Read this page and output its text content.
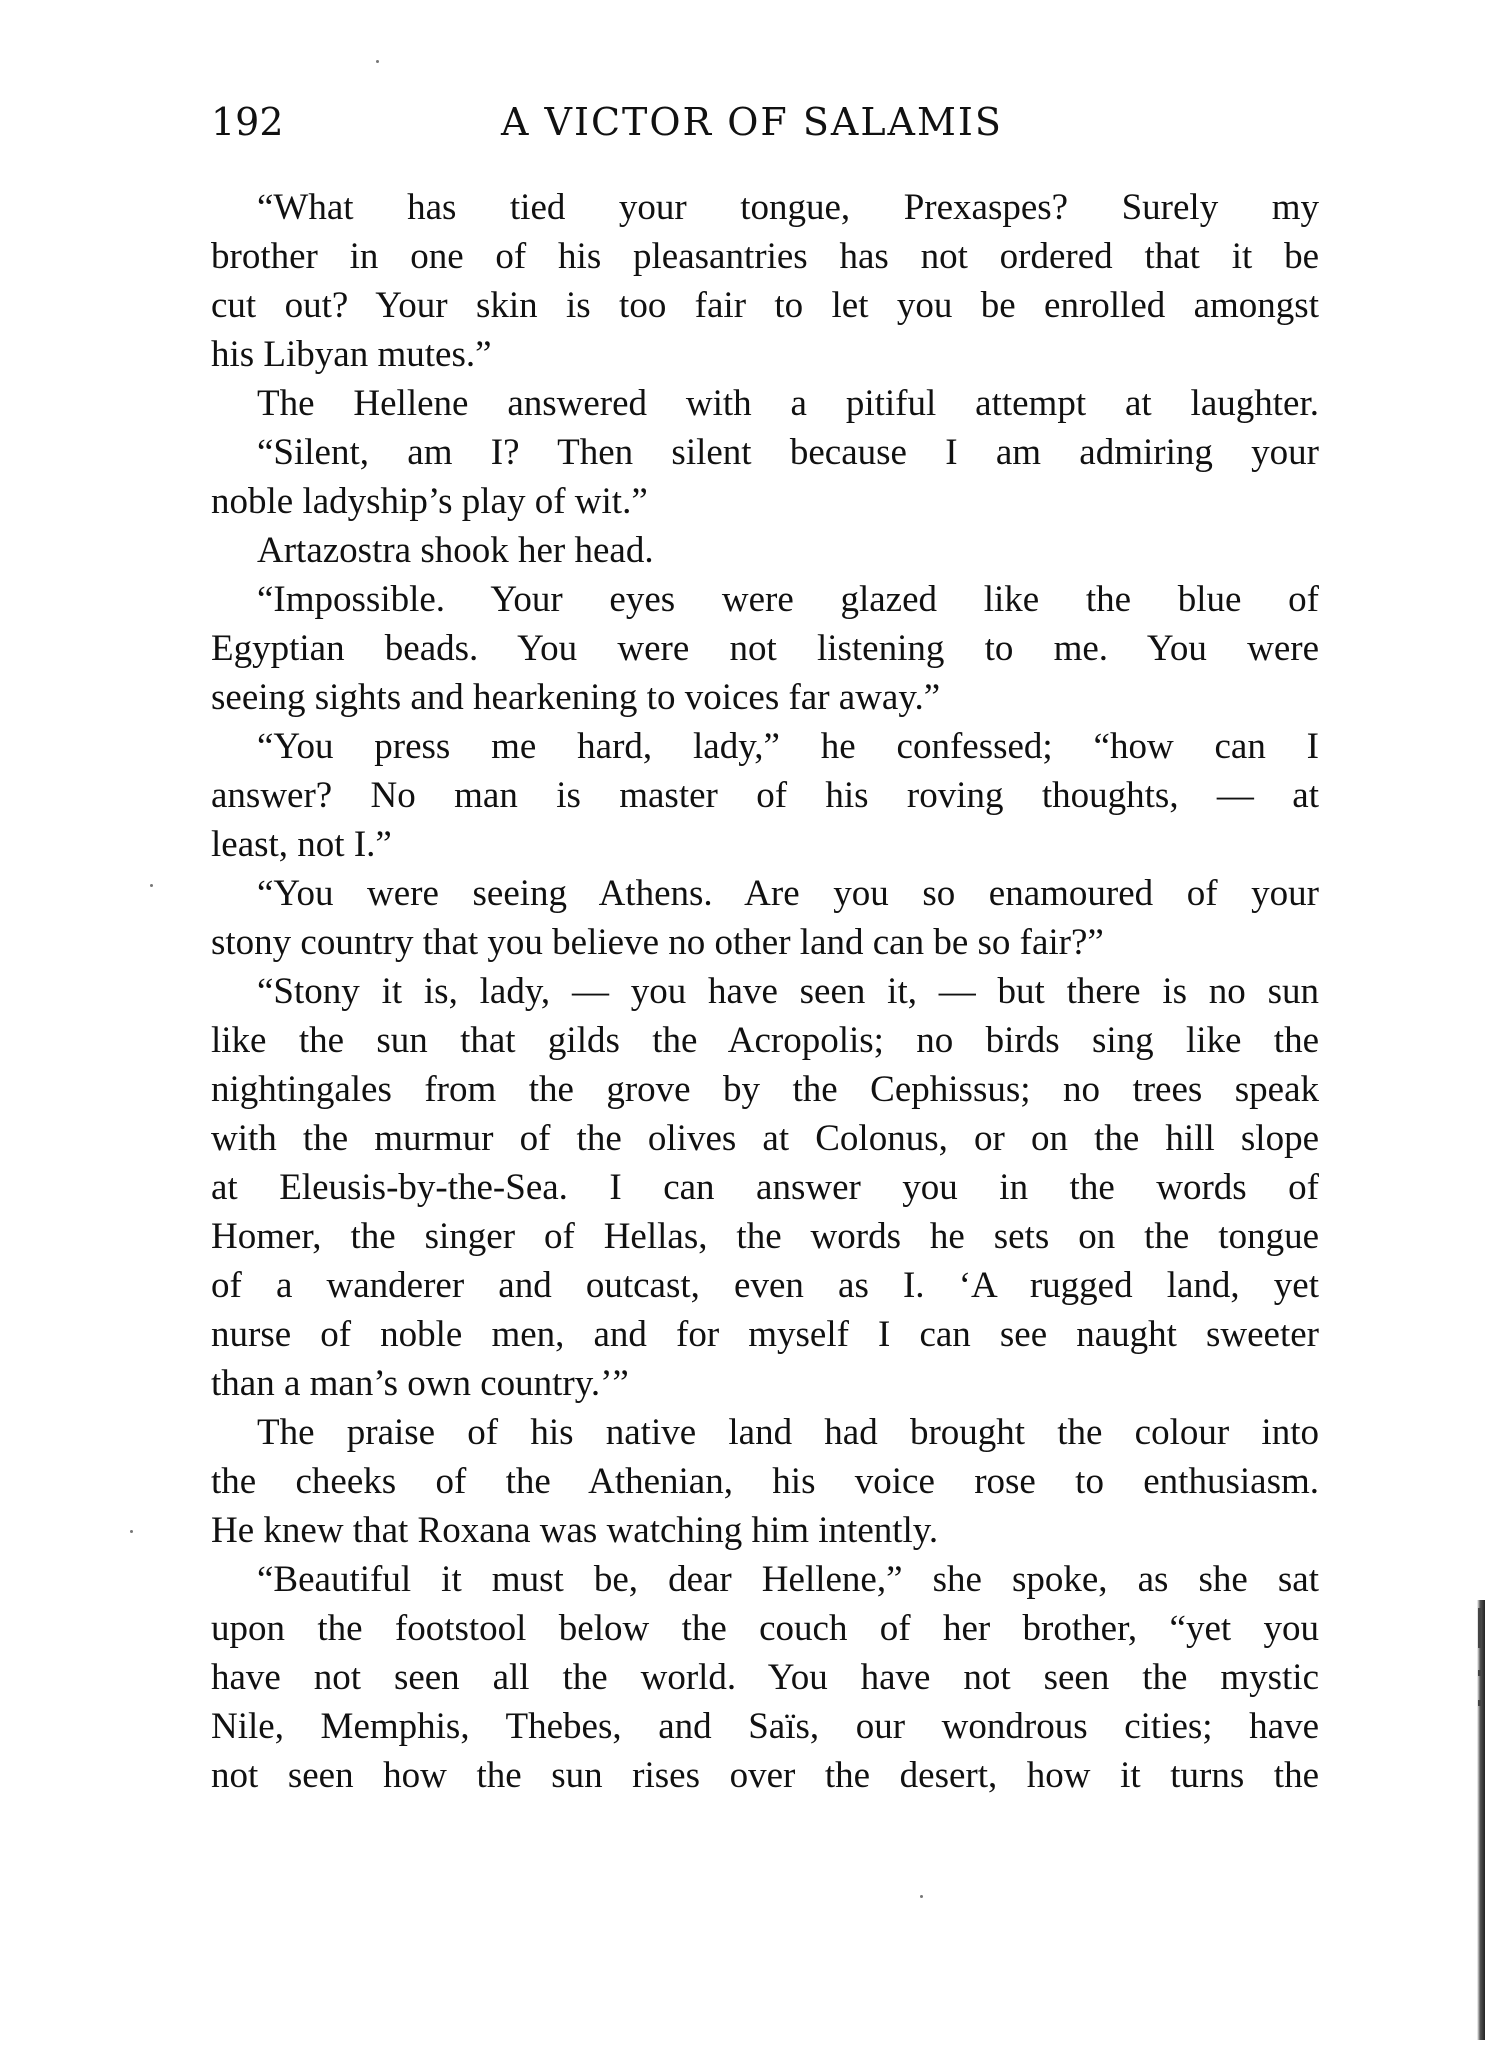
192	A VICTOR OF SALAMIS
“What has tied your tongue, Prexaspes? Surely my
brother in one of his pleasantries has not ordered that it be
cut out? Your skin is too fair to let you be enrolled amongst
his Libyan mutes.”
The Hellene answered with a pitiful attempt at laughter.
“Silent, am I? Then silent because I am admiring your
noble ladyship’s play of wit.”
Artazostra shook her head.
“Impossible. Your eyes were glazed like the blue of
Egyptian beads. You were not listening to me. You were
seeing sights and hearkening to voices far away.”
“You press me hard, lady,” he confessed; “how can I
answer? No man is master of his roving thoughts, — at
least, not I.”
“You were seeing Athens. Are you so enamoured of your
stony country that you believe no other land can be so fair?”
“Stony it is, lady, — you have seen it, — but there is no sun
like the sun that gilds the Acropolis; no birds sing like the
nightingales from the grove by the Cephissus; no trees speak
with the murmur of the olives at Colonus, or on the hill slope
at Eleusis-by-the-Sea. I can answer you in the words of
Homer, the singer of Hellas, the words he sets on the tongue
of a wanderer and outcast, even as I. ‘A rugged land, yet
nurse of noble men, and for myself I can see naught sweeter
than a man’s own country.’”
The praise of his native land had brought the colour into
the cheeks of the Athenian, his voice rose to enthusiasm.
He knew that Roxana was watching him intently.
“Beautiful it must be, dear Hellene,” she spoke, as she sat
upon the footstool below the couch of her brother, “yet you
have not seen all the world. You have not seen the mystic
Nile, Memphis, Thebes, and Saïs, our wondrous cities; have
not seen how the sun rises over the desert, how it turns the
